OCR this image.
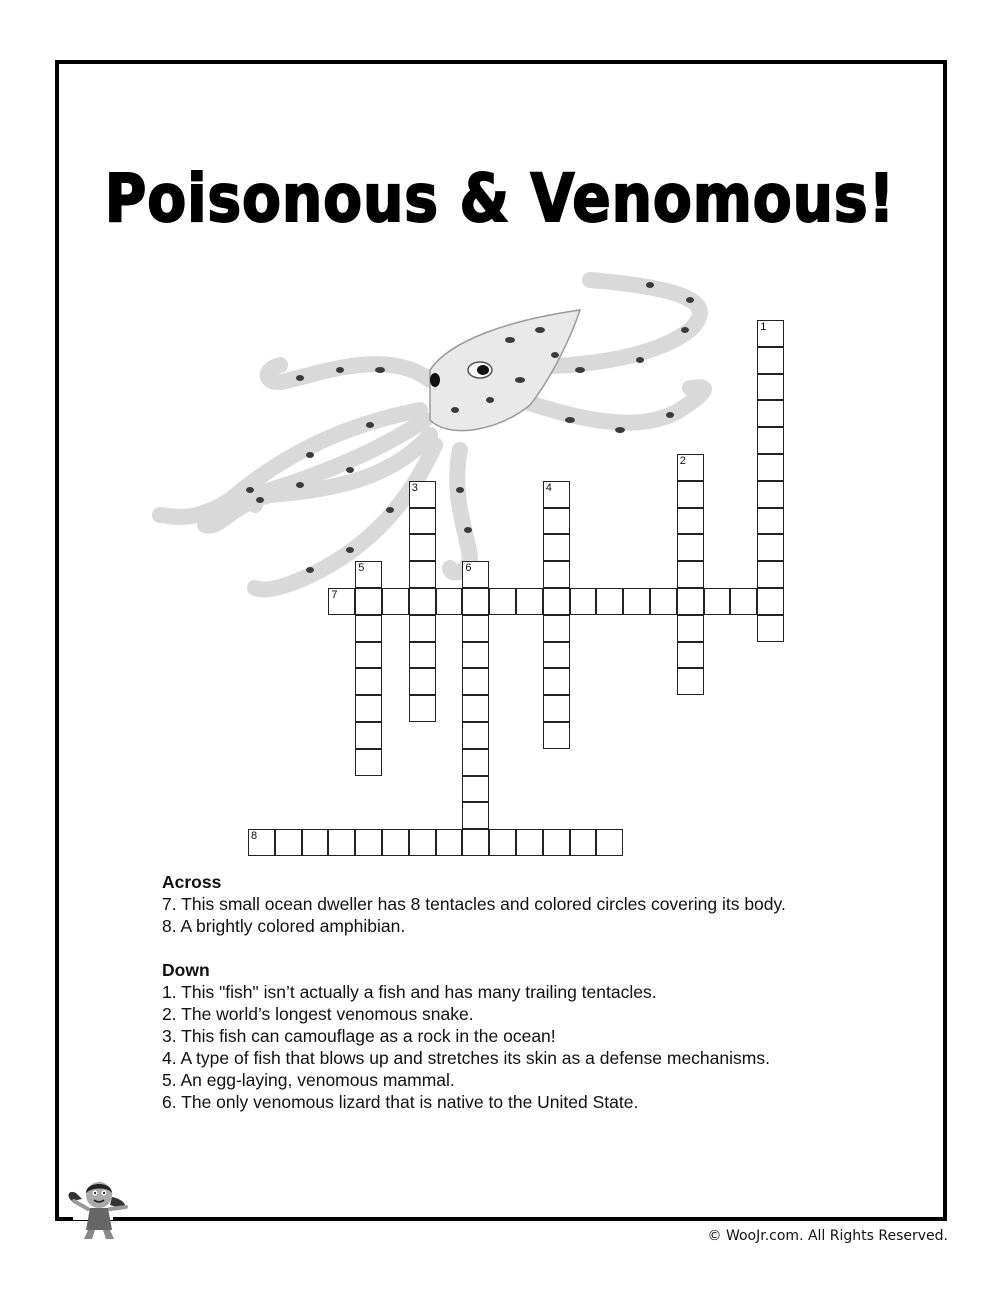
Poisonous & Venomous!
1
2
3	4
5	6
7
8
Across
7. This small ocean dweller has 8 tentacles and colored circles covering its body.
8. A brightly colored amphibian.
Down
1. This "fish" isn’t actually a fish and has many trailing tentacles.
2. The world’s longest venomous snake.
3. This fish can camouflage as a rock in the ocean!
4. A type of fish that blows up and stretches its skin as a defense mechanisms.
5. An egg-laying, venomous mammal.
6. The only venomous lizard that is native to the United State.
© WooJr.com. All Rights Reserved.
